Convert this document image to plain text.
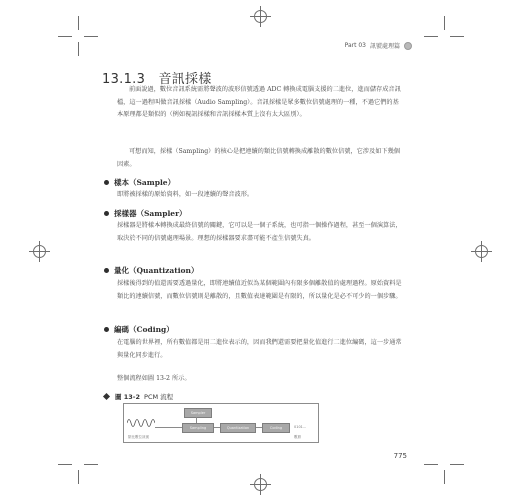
Part 03 訊號處理篇
13.1.3　音訊採樣
前面說過，數位音訊系統需將聲波的波形信號透過 ADC 轉換成電腦支援的二進位，進而儲存成音訊檔，這一過程叫做音訊採樣（Audio Sampling）。音訊採樣是眾多數位信號處理的一種，不過它們的基本原理都是類似的（例如視訊採樣和音訊採樣本質上沒有太大區別）。
可想而知，採樣（Sampling）的核心是把連續的類比信號轉換成離散的數位信號，它涉及如下幾個因素。
樣本（Sample）
即將被採樣的原始資料，如一段連續的聲音波形。
採樣器（Sampler）
採樣器是將樣本轉換成最終信號的關鍵，它可以是一個子系統，也可指一個操作過程，甚至一個演算法，取決於不同的信號處理場景。理想的採樣器要求盡可能不產生信號失真。
量化（Quantization）
採樣後得到的值還需要透過量化，即將連續值近似為某個範圍內有限多個離散值的處理過程。原始資料是類比的連續信號，而數位信號則是離散的，且數值表達範圍是有限的，所以量化是必不可少的一個步驟。
編碼（Coding）
在電腦的世界裡，所有數值都是用二進位表示的，因而我們還需要把量化值進行二進位編碼，這一步通常與量化同步進行。
整個流程如圖 13-2 所示。
圖 13-2 PCM 流程
Sampler
Sampling	Quantization	Coding	0101...
類比數位訊號	數據
775
